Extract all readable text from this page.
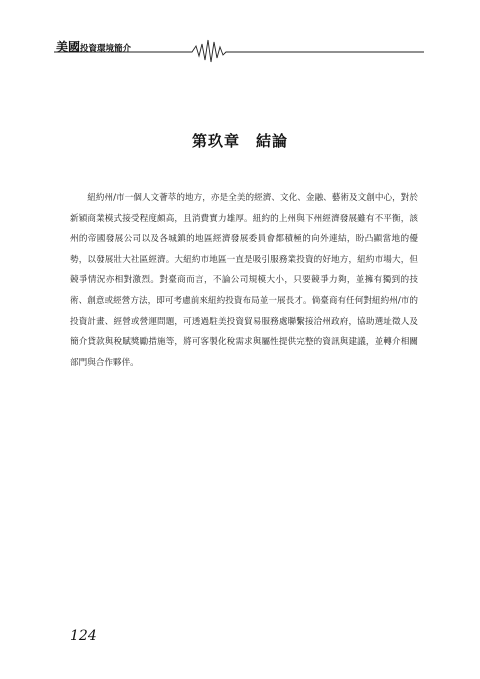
美國投資環境簡介
第玖章　結論

紐約州/市一個人文薈萃的地方，亦是全美的經濟、文化、金融、藝術及文創中心，對於新穎商業模式接受程度頗高，且消費實力雄厚。紐約的上州與下州經濟發展雖有不平衡，該州的帝國發展公司以及各城鎮的地區經濟發展委員會都積極的向外連結，盼凸顯當地的優勢，以發展壯大社區經濟。大紐約市地區一直是吸引服務業投資的好地方，紐約市場大，但競爭情況亦相對激烈。對臺商而言，不論公司規模大小，只要競爭力夠，並擁有獨到的技術、創意或經營方法，即可考慮前來紐約投資布局並一展長才。倘臺商有任何對紐約州/市的投資計畫、經營或營運問題，可透過駐美投資貿易服務處聯繫接洽州政府，協助選址徵人及簡介貸款與稅賦獎勵措施等，將可客製化稅需求與屬性提供完整的資訊與建議，並轉介相關部門與合作夥伴。

124
